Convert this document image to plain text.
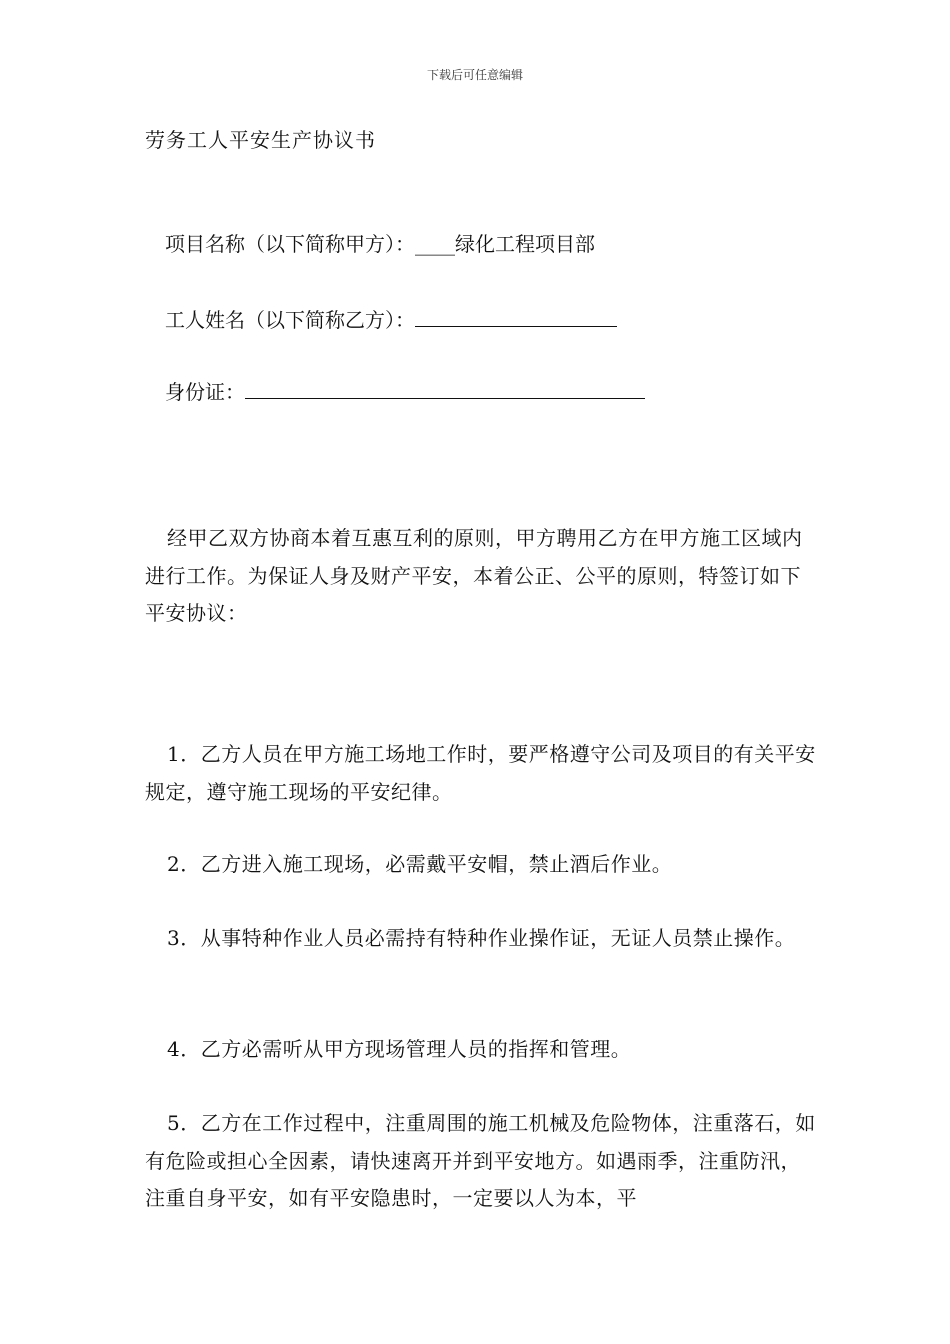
下载后可任意编辑
劳务工人平安生产协议书
项目名称（以下简称甲方）：____绿化工程项目部
工人姓名（以下简称乙方）：
身份证：

经甲乙双方协商本着互惠互利的原则，甲方聘用乙方在甲方施工区域内进行工作。为保证人身及财产平安，本着公正、公平的原则，特签订如下平安协议：

1．乙方人员在甲方施工场地工作时，要严格遵守公司及项目的有关平安规定，遵守施工现场的平安纪律。

2．乙方进入施工现场，必需戴平安帽，禁止酒后作业。

3．从事特种作业人员必需持有特种作业操作证，无证人员禁止操作。

4．乙方必需听从甲方现场管理人员的指挥和管理。

5．乙方在工作过程中，注重周围的施工机械及危险物体，注重落石，如有危险或担心全因素，请快速离开并到平安地方。如遇雨季，注重防汛，注重自身平安，如有平安隐患时，一定要以人为本，平
